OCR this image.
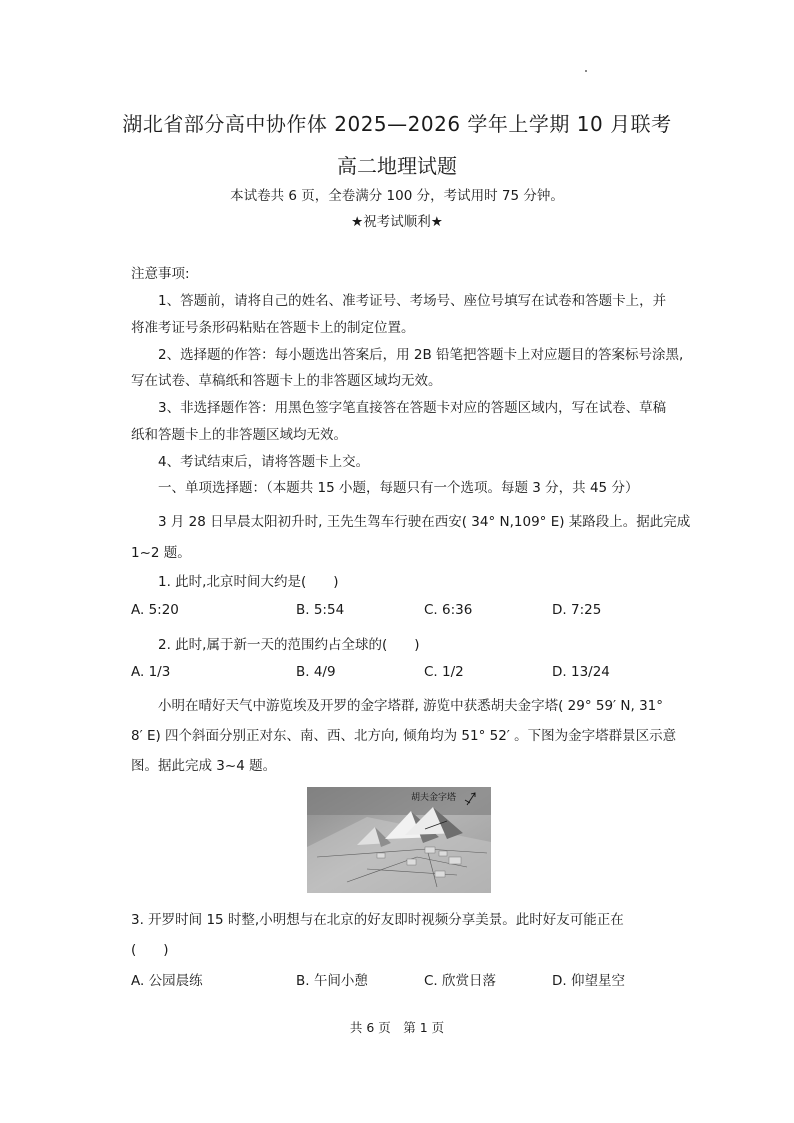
湖北省部分高中协作体 2025—2026 学年上学期 10 月联考
高二地理试题
本试卷共 6 页，全卷满分 100 分，考试用时 75 分钟。
★祝考试顺利★
注意事项:
1、答题前，请将自己的姓名、准考证号、考场号、座位号填写在试卷和答题卡上，并
将准考证号条形码粘贴在答题卡上的制定位置。
2、选择题的作答：每小题选出答案后，用 2B 铅笔把答题卡上对应题目的答案标号涂黑,
写在试卷、草稿纸和答题卡上的非答题区域均无效。
3、非选择题作答：用黑色签字笔直接答在答题卡对应的答题区域内，写在试卷、草稿
纸和答题卡上的非答题区域均无效。
4、考试结束后，请将答题卡上交。
一、单项选择题：（本题共 15 小题，每题只有一个选项。每题 3 分，共 45 分）
3 月 28 日早晨太阳初升时, 王先生驾车行驶在西安( 34° N,109° E) 某路段上。据此完成
1~2 题。
1. 此时,北京时间大约是(　　)
A. 5:20	B. 5:54	C. 6:36	D. 7:25
2. 此时,属于新一天的范围约占全球的(　　)
A. 1/3	B. 4/9	C. 1/2	D. 13/24
小明在晴好天气中游览埃及开罗的金字塔群, 游览中获悉胡夫金字塔( 29° 59′ N, 31°
8′ E) 四个斜面分别正对东、南、西、北方向, 倾角均为 51° 52′ 。下图为金字塔群景区示意
图。据此完成 3~4 题。
胡夫金字塔
3. 开罗时间 15 时整,小明想与在北京的好友即时视频分享美景。此时好友可能正在
(　　)
A. 公园晨练	B. 午间小憩	C. 欣赏日落	D. 仰望星空
共 6 页　第 1 页
